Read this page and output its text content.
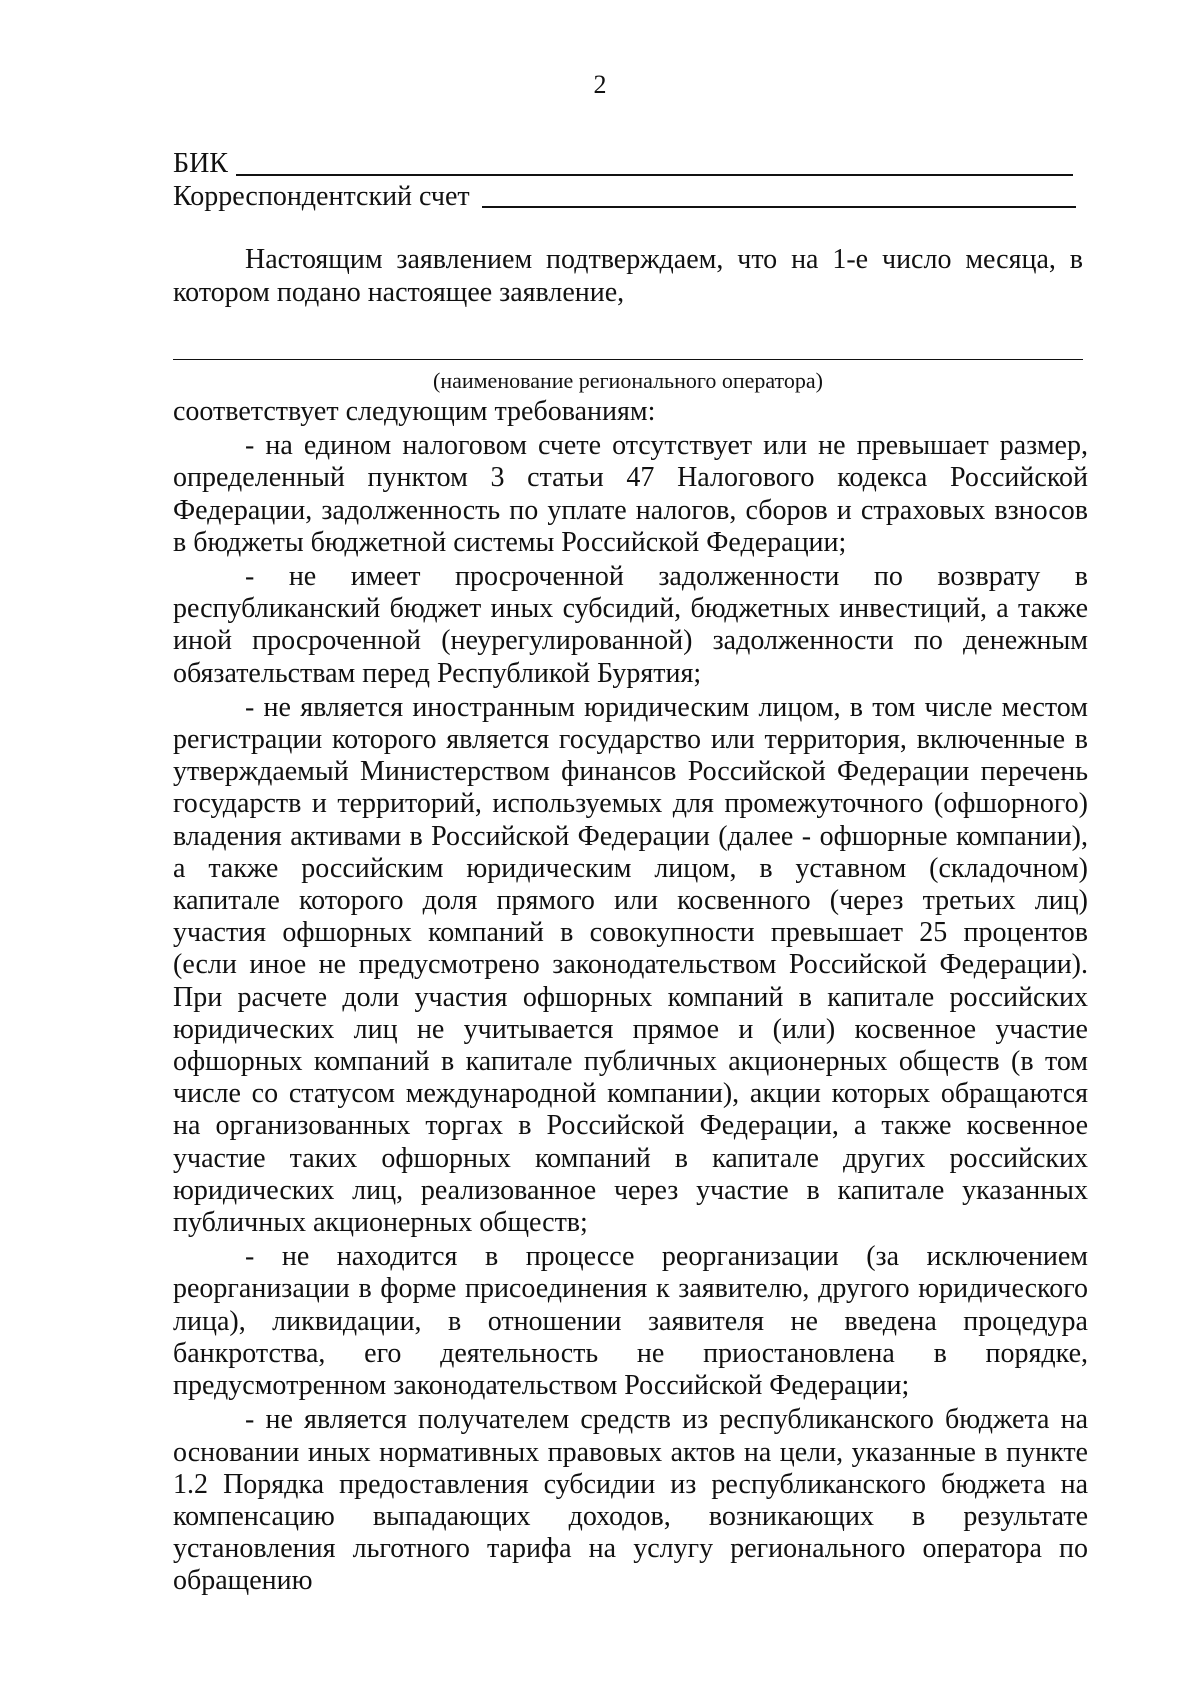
2
БИК
Корреспондентский счет

Настоящим заявлением подтверждаем, что на 1-е число месяца, в котором подано настоящее заявление,

(наименование регионального оператора)

соответствует следующим требованиям:

- на едином налоговом счете отсутствует или не превышает размер, определенный пунктом 3 статьи 47 Налогового кодекса Российской Федерации, задолженность по уплате налогов, сборов и страховых взносов в бюджеты бюджетной системы Российской Федерации;

- не имеет просроченной задолженности по возврату в республиканский бюджет иных субсидий, бюджетных инвестиций, а также иной просроченной (неурегулированной) задолженности по денежным обязательствам перед Республикой Бурятия;

- не является иностранным юридическим лицом, в том числе местом регистрации которого является государство или территория, включенные в утверждаемый Министерством финансов Российской Федерации перечень государств и территорий, используемых для промежуточного (офшорного) владения активами в Российской Федерации (далее - офшорные компании), а также российским юридическим лицом, в уставном (складочном) капитале которого доля прямого или косвенного (через третьих лиц) участия офшорных компаний в совокупности превышает 25 процентов (если иное не предусмотрено законодательством Российской Федерации). При расчете доли участия офшорных компаний в капитале российских юридических лиц не учитывается прямое и (или) косвенное участие офшорных компаний в капитале публичных акционерных обществ (в том числе со статусом международной компании), акции которых обращаются на организованных торгах в Российской Федерации, а также косвенное участие таких офшорных компаний в капитале других российских юридических лиц, реализованное через участие в капитале указанных публичных акционерных обществ;

- не находится в процессе реорганизации (за исключением реорганизации в форме присоединения к заявителю, другого юридического лица), ликвидации, в отношении заявителя не введена процедура банкротства, его деятельность не приостановлена в порядке, предусмотренном законодательством Российской Федерации;

- не является получателем средств из республиканского бюджета на основании иных нормативных правовых актов на цели, указанные в пункте 1.2 Порядка предоставления субсидии из республиканского бюджета на компенсацию выпадающих доходов, возникающих в результате установления льготного тарифа на услугу регионального оператора по обращению
